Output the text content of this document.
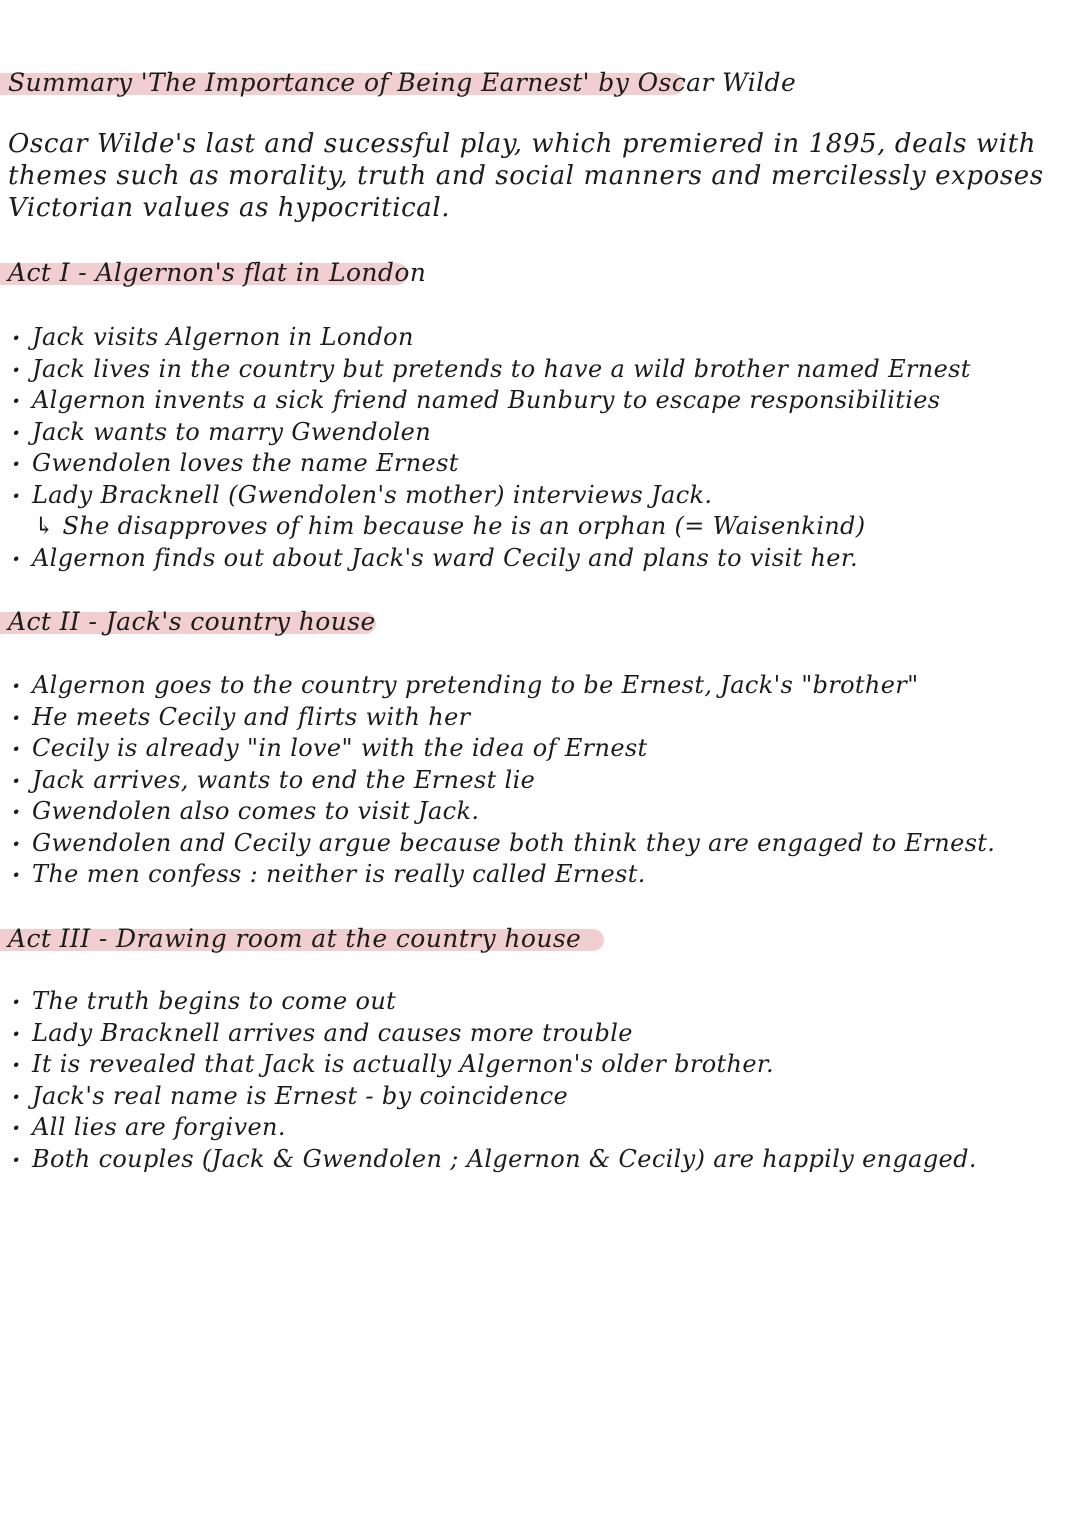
Summary 'The Importance of Being Earnest' by Oscar Wilde
Oscar Wilde's last and sucessful play, which premiered in 1895, deals with
themes such as morality, truth and social manners and mercilessly exposes
Victorian values as hypocritical.
Act I - Algernon's flat in London
· Jack visits Algernon in London
· Jack lives in the country but pretends to have a wild brother named Ernest
· Algernon invents a sick friend named Bunbury to escape responsibilities
· Jack wants to marry Gwendolen
· Gwendolen loves the name Ernest
· Lady Bracknell (Gwendolen's mother) interviews Jack.
↳ She disapproves of him because he is an orphan (= Waisenkind)
· Algernon finds out about Jack's ward Cecily and plans to visit her.
Act II - Jack's country house
· Algernon goes to the country pretending to be Ernest, Jack's "brother"
· He meets Cecily and flirts with her
· Cecily is already "in love" with the idea of Ernest
· Jack arrives, wants to end the Ernest lie
· Gwendolen also comes to visit Jack.
· Gwendolen and Cecily argue because both think they are engaged to Ernest.
· The men confess : neither is really called Ernest.
Act III - Drawing room at the country house
· The truth begins to come out
· Lady Bracknell arrives and causes more trouble
· It is revealed that Jack is actually Algernon's older brother.
· Jack's real name is Ernest - by coincidence
· All lies are forgiven.
· Both couples (Jack & Gwendolen ; Algernon & Cecily) are happily engaged.
